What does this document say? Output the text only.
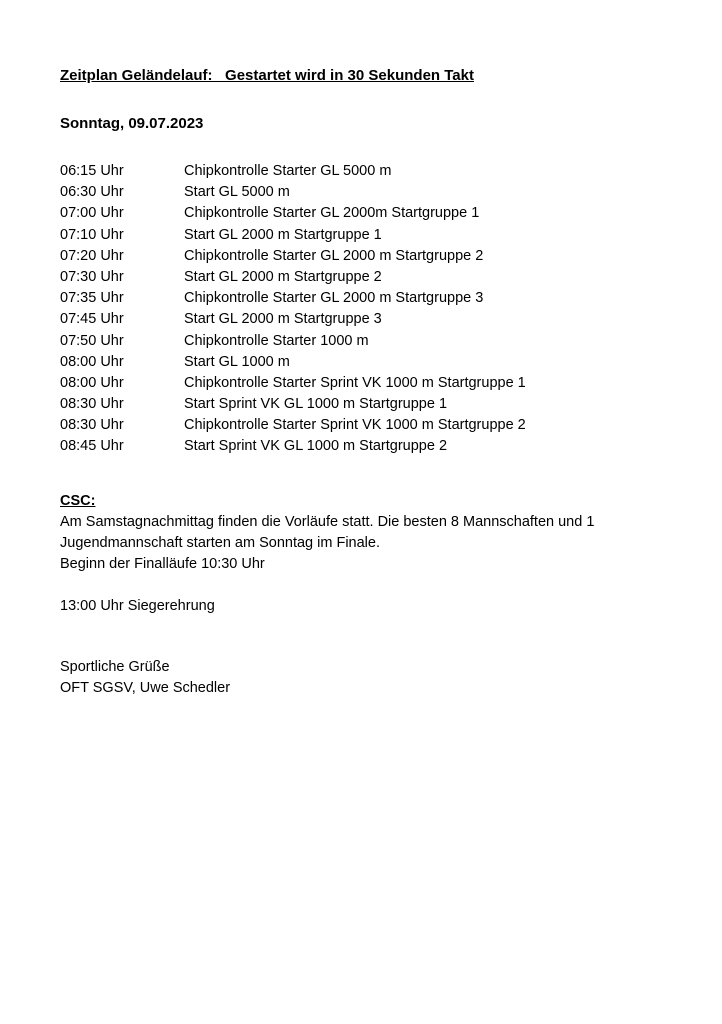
Zeitplan Geländelauf:   Gestartet wird in 30 Sekunden Takt
Sonntag, 09.07.2023
06:15 Uhr	Chipkontrolle Starter GL 5000 m
06:30 Uhr	Start GL 5000 m
07:00 Uhr	Chipkontrolle Starter GL 2000m Startgruppe 1
07:10 Uhr	Start GL 2000 m Startgruppe 1
07:20 Uhr	Chipkontrolle Starter GL 2000 m Startgruppe 2
07:30 Uhr	Start GL 2000 m Startgruppe 2
07:35 Uhr	Chipkontrolle Starter GL 2000 m Startgruppe 3
07:45 Uhr	Start GL 2000 m Startgruppe 3
07:50 Uhr	Chipkontrolle Starter 1000 m
08:00 Uhr	Start GL 1000 m
08:00 Uhr	Chipkontrolle Starter Sprint VK 1000 m Startgruppe 1
08:30 Uhr	Start Sprint VK GL 1000 m Startgruppe 1
08:30 Uhr	Chipkontrolle Starter Sprint VK 1000 m Startgruppe 2
08:45 Uhr	Start Sprint VK GL 1000 m Startgruppe 2
CSC:
Am Samstagnachmittag finden die Vorläufe statt. Die besten 8 Mannschaften und 1
Jugendmannschaft starten am Sonntag im Finale.
Beginn der Finalläufe 10:30 Uhr
13:00 Uhr Siegerehrung
Sportliche Grüße
OFT SGSV, Uwe Schedler
